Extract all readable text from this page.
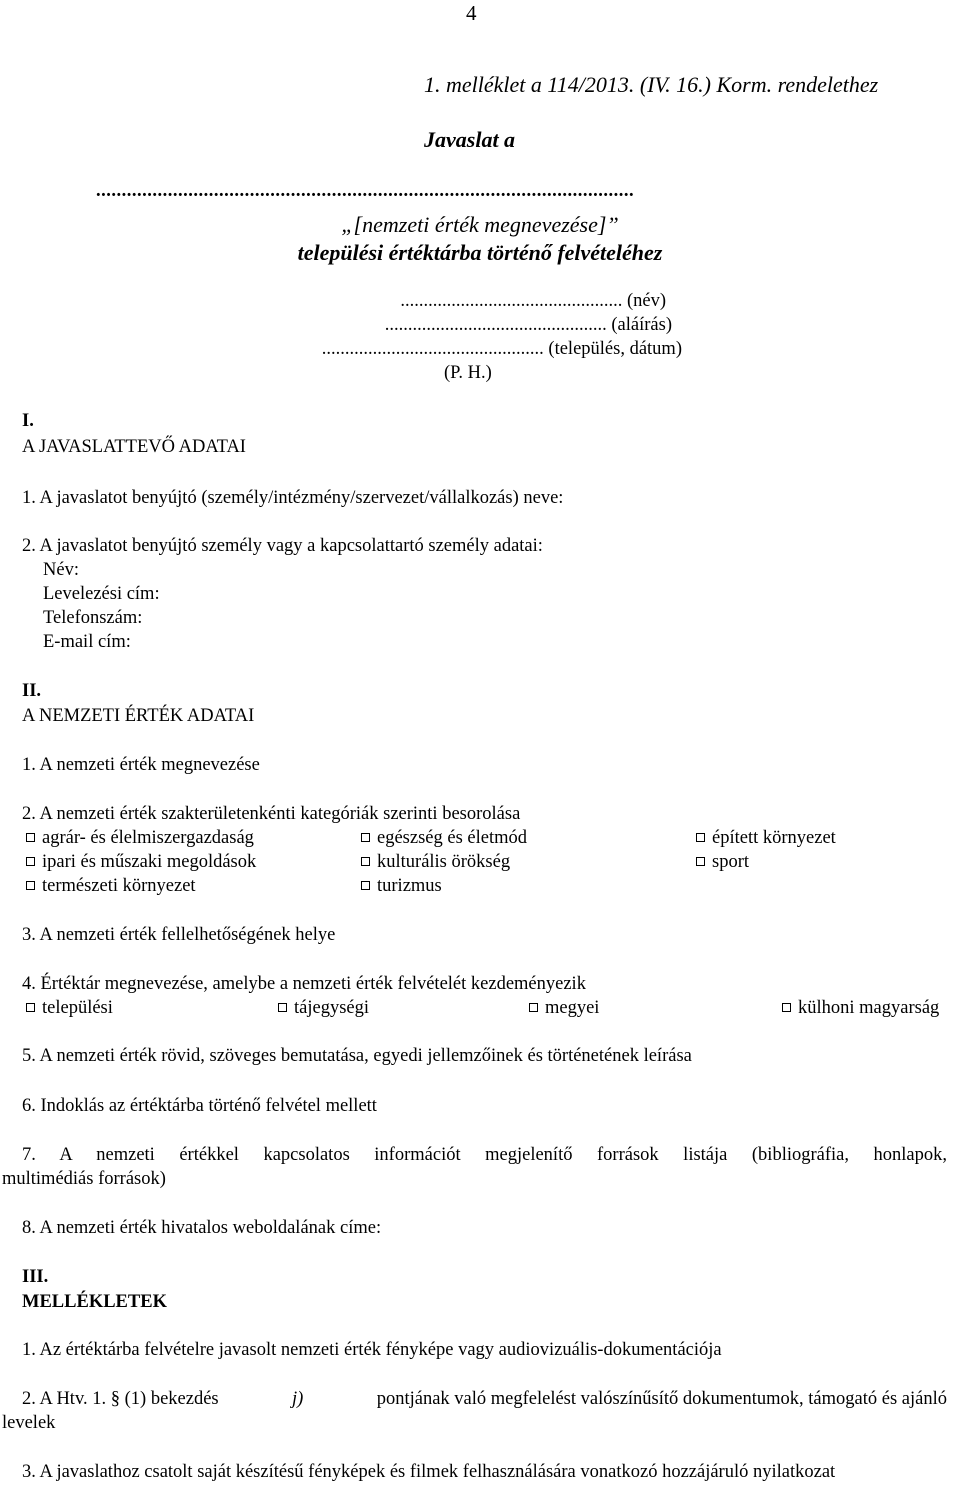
4
1. melléklet a 114/2013. (IV. 16.) Korm. rendelethez
Javaslat a
.........................................................................................................
„[nemzeti érték megnevezése]”
települési értéktárba történő felvételéhez
................................................ (név)
................................................ (aláírás)
................................................ (település, dátum)
(P. H.)
I.
A JAVASLATTEVŐ ADATAI
1. A javaslatot benyújtó (személy/intézmény/szervezet/vállalkozás) neve:
2. A javaslatot benyújtó személy vagy a kapcsolattartó személy adatai:
Név:
Levelezési cím:
Telefonszám:
E-mail cím:
II.
A NEMZETI ÉRTÉK ADATAI
1. A nemzeti érték megnevezése
2. A nemzeti érték szakterületenkénti kategóriák szerinti besorolása
agrár- és élelmiszergazdaság	egészség és életmód	épített környezet
ipari és műszaki megoldások	kulturális örökség	sport
természeti környezet	turizmus
3. A nemzeti érték fellelhetőségének helye
4. Értéktár megnevezése, amelybe a nemzeti érték felvételét kezdeményezik
települési	tájegységi	megyei	külhoni magyarság
5. A nemzeti érték rövid, szöveges bemutatása, egyedi jellemzőinek és történetének leírása
6. Indoklás az értéktárba történő felvétel mellett
7. A nemzeti értékkel kapcsolatos információt megjelenítő források listája (bibliográfia, honlapok,
multimédiás források)
8. A nemzeti érték hivatalos weboldalának címe:
III.
MELLÉKLETEK
1. Az értéktárba felvételre javasolt nemzeti érték fényképe vagy audiovizuális-dokumentációja
2. A Htv. 1. § (1) bekezdés	j)	pontjának való megfelelést valószínűsítő dokumentumok, támogató és ajánló
levelek
3. A javaslathoz csatolt saját készítésű fényképek és filmek felhasználására vonatkozó hozzájáruló nyilatkozat
